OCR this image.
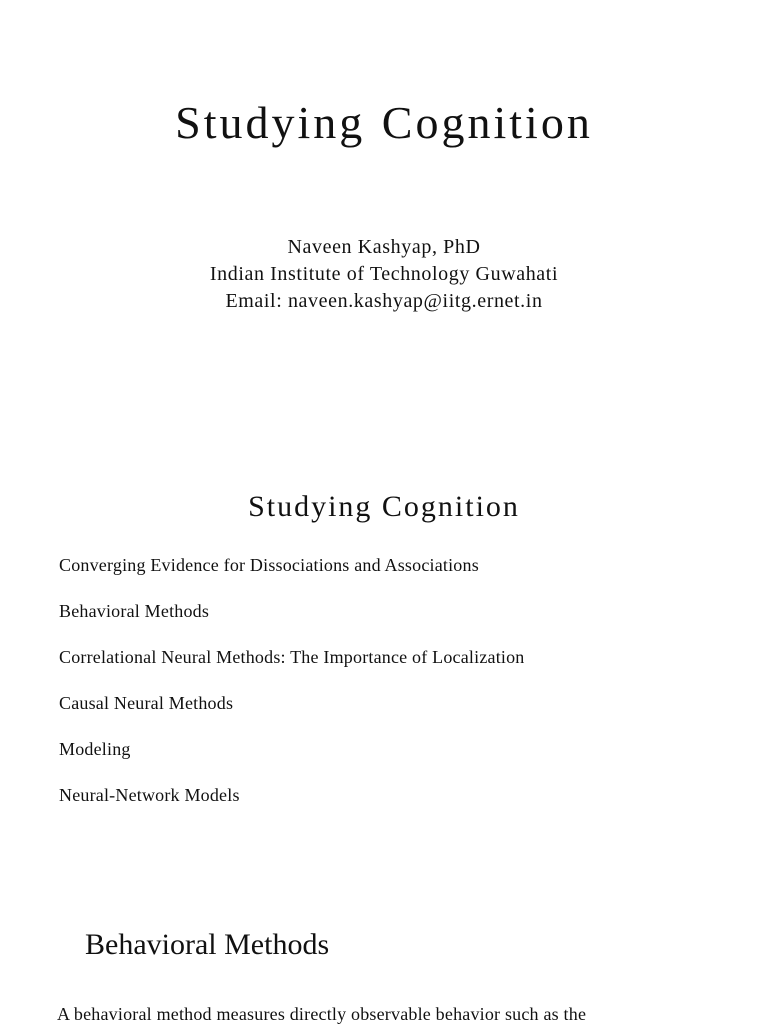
Studying Cognition
Naveen Kashyap, PhD
Indian Institute of Technology Guwahati
Email: naveen.kashyap@iitg.ernet.in
Studying Cognition
Converging Evidence for Dissociations and Associations
Behavioral Methods
Correlational Neural Methods: The Importance of Localization
Causal Neural Methods
Modeling
Neural-Network Models
Behavioral Methods

A behavioral method measures directly observable behavior such as the
